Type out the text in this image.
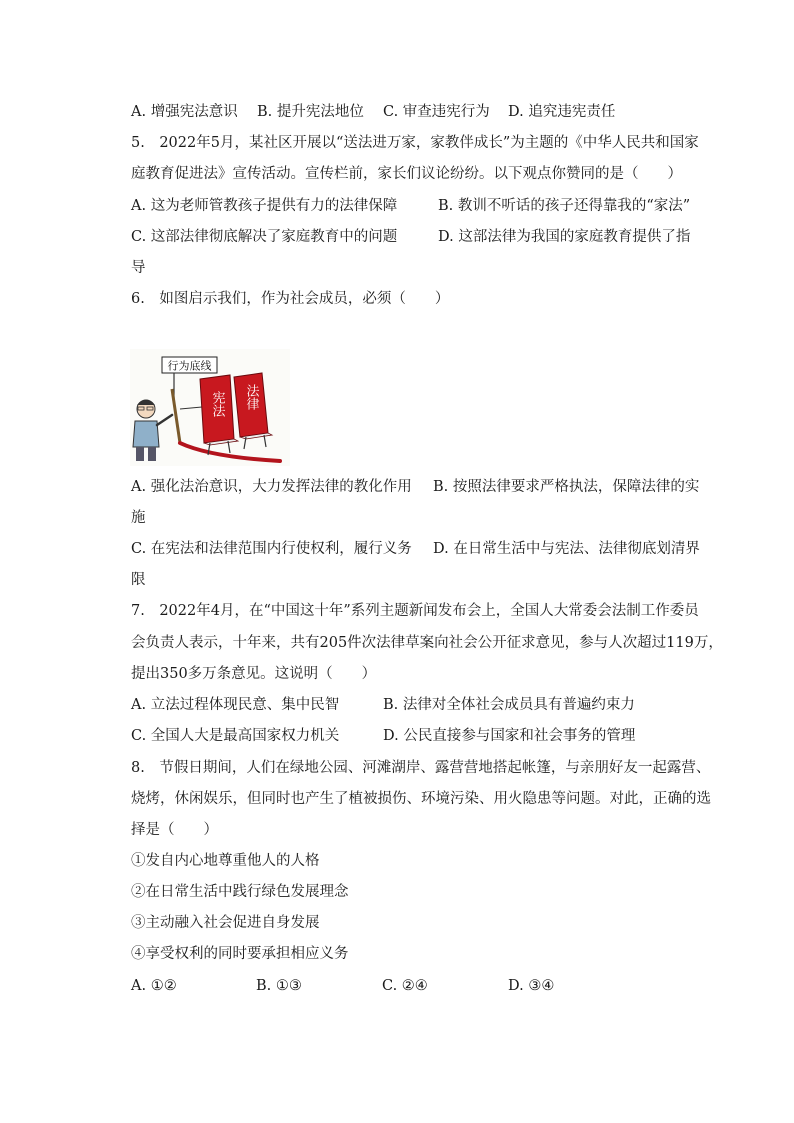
A. 增强宪法意识 B. 提升宪法地位 C. 审查违宪行为 D. 追究违宪责任
5.　2022年5月，某社区开展以“送法进万家，家教伴成长”为主题的《中华人民共和国家
庭教育促进法》宣传活动。宣传栏前，家长们议论纷纷。以下观点你赞同的是（　　）
A. 这为老师管教孩子提供有力的法律保障	B. 教训不听话的孩子还得靠我的“家法”
C. 这部法律彻底解决了家庭教育中的问题	D. 这部法律为我国的家庭教育提供了指
导
6.　如图启示我们，作为社会成员，必须（　　）
行为底线
宪法 法律
A. 强化法治意识，大力发挥法律的教化作用 B. 按照法律要求严格执法，保障法律的实
施
C. 在宪法和法律范围内行使权利，履行义务 D. 在日常生活中与宪法、法律彻底划清界
限
7.　2022年4月，在“中国这十年”系列主题新闻发布会上，全国人大常委会法制工作委员
会负责人表示，十年来，共有205件次法律草案向社会公开征求意见，参与人次超过119万，
提出350多万条意见。这说明（　　）
A. 立法过程体现民意、集中民智	B. 法律对全体社会成员具有普遍约束力
C. 全国人大是最高国家权力机关	D. 公民直接参与国家和社会事务的管理
8.　节假日期间，人们在绿地公园、河滩湖岸、露营营地搭起帐篷，与亲朋好友一起露营、
烧烤，休闲娱乐，但同时也产生了植被损伤、环境污染、用火隐患等问题。对此，正确的选
择是（　　）
①发自内心地尊重他人的人格
②在日常生活中践行绿色发展理念
③主动融入社会促进自身发展
④享受权利的同时要承担相应义务
A. ①②	B. ①③	C. ②④	D. ③④
